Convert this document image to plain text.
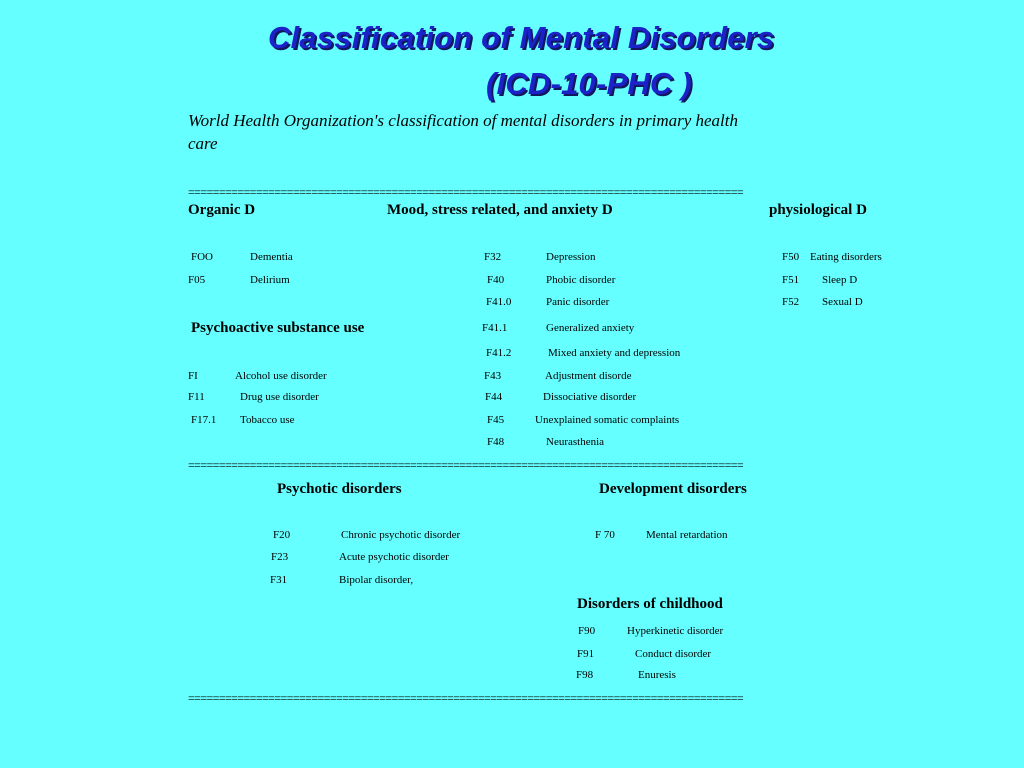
Classification of Mental Disorders
(ICD-10-PHC )
World Health Organization's classification of mental disorders in primary health
care
==========================================================================================
Organic D	Mood, stress related, and anxiety D	physiological D
FOO	Dementia
F05	Delirium
Psychoactive substance use
FI	Alcohol use disorder
F11	Drug use disorder
F17.1 Tobacco use
F32	Depression
F40	Phobic disorder
F41.0	Panic disorder
F41.1	Generalized anxiety
F41.2	Mixed anxiety and depression
F43	Adjustment disorde
F44	Dissociative disorder
F45	Unexplained somatic complaints
F48	Neurasthenia
F50 Eating disorders
F51 Sleep D
F52 Sexual D
==========================================================================================
Psychotic disorders	Development disorders
F20	Chronic psychotic disorder
F23	Acute psychotic disorder
F31	Bipolar disorder,
F 70	Mental retardation
Disorders of childhood
F90	Hyperkinetic disorder
F91	Conduct disorder
F98	Enuresis
==========================================================================================
